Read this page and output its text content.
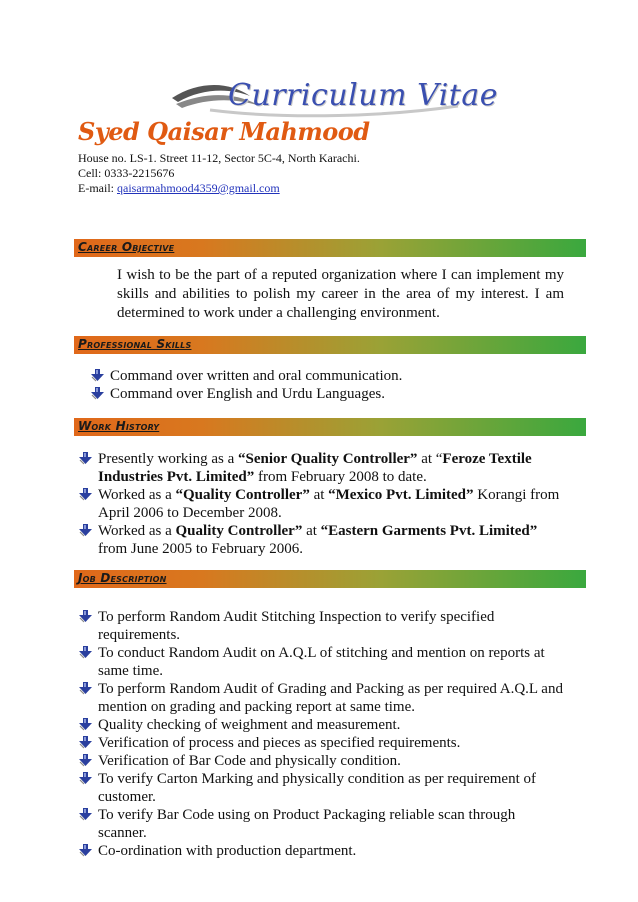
Curriculum Vitae
Syed Qaisar Mahmood
House no. LS-1. Street 11-12, Sector 5C-4, North Karachi.
Cell: 0333-2215676
E-mail: qaisarmahmood4359@gmail.com
Career Objective
I wish to be the part of a reputed organization where I can implement my skills and abilities to polish my career in the area of my interest. I am determined to work under a challenging environment.
Professional Skills
Command over written and oral communication.
Command over English and Urdu Languages.
Work History
Presently working as a “Senior Quality Controller” at “Feroze Textile Industries Pvt. Limited” from February 2008 to date.
Worked as a “Quality Controller” at “Mexico Pvt. Limited” Korangi from April 2006 to December 2008.
Worked as a Quality Controller” at “Eastern Garments Pvt. Limited” from June 2005 to February 2006.
Job Description
To perform Random Audit Stitching Inspection to verify specified requirements.
To conduct Random Audit on A.Q.L of stitching and mention on reports at same time.
To perform Random Audit of Grading and Packing as per required A.Q.L and mention on grading and packing report at same time.
Quality checking of weighment and measurement.
Verification of process and pieces as specified requirements.
Verification of Bar Code and physically condition.
To verify Carton Marking and physically condition as per requirement of customer.
To verify Bar Code using on Product Packaging reliable scan through scanner.
Co-ordination with production department.
